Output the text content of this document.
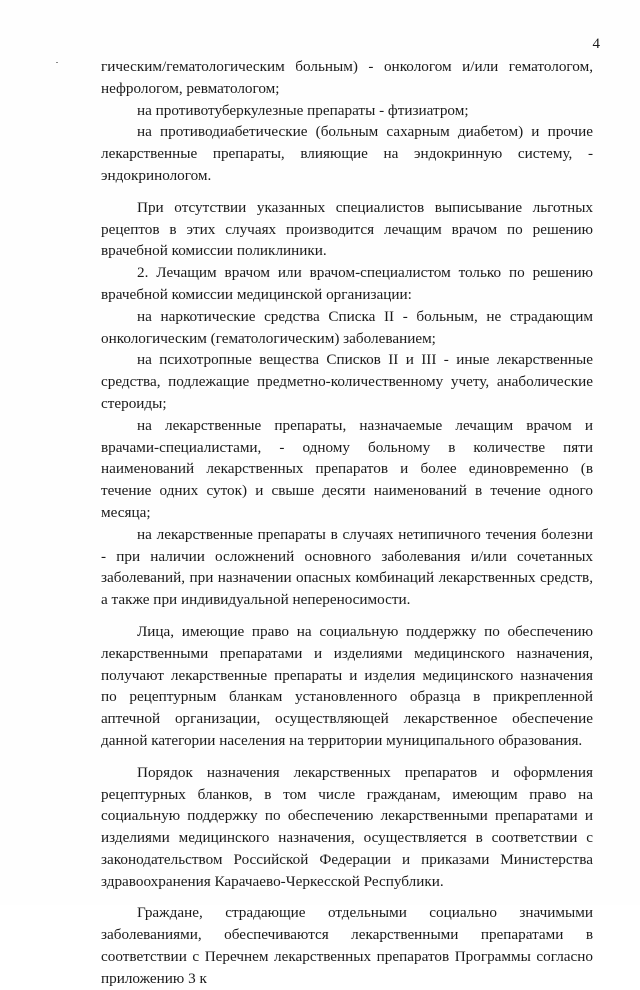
4

гическим/гематологическим больным) - онкологом и/или гематологом, нефрологом, ревматологом;

на противотуберкулезные препараты - фтизиатром;

на противодиабетические (больным сахарным диабетом) и прочие лекарственные препараты, влияющие на эндокринную систему, - эндокринологом.

При отсутствии указанных специалистов выписывание льготных рецептов в этих случаях производится лечащим врачом по решению врачебной комиссии поликлиники.

2. Лечащим врачом или врачом-специалистом только по решению врачебной комиссии медицинской организации:

на наркотические средства Списка II - больным, не страдающим онкологическим (гематологическим) заболеванием;

на психотропные вещества Списков II и III - иные лекарственные средства, подлежащие предметно-количественному учету, анаболические стероиды;

на лекарственные препараты, назначаемые лечащим врачом и врачами-специалистами, - одному больному в количестве пяти наименований лекарственных препаратов и более единовременно (в течение одних суток) и свыше десяти наименований в течение одного месяца;

на лекарственные препараты в случаях нетипичного течения болезни - при наличии осложнений основного заболевания и/или сочетанных заболеваний, при назначении опасных комбинаций лекарственных средств, а также при индивидуальной непереносимости.

Лица, имеющие право на социальную поддержку по обеспечению лекарственными препаратами и изделиями медицинского назначения, получают лекарственные препараты и изделия медицинского назначения по рецептурным бланкам установленного образца в прикрепленной аптечной организации, осуществляющей лекарственное обеспечение данной категории населения на территории муниципального образования.

Порядок назначения лекарственных препаратов и оформления рецептурных бланков, в том числе гражданам, имеющим право на социальную поддержку по обеспечению лекарственными препаратами и изделиями медицинского назначения, осуществляется в соответствии с законодательством Российской Федерации и приказами Министерства здравоохранения Карачаево-Черкесской Республики.

Граждане, страдающие отдельными социально значимыми заболеваниями, обеспечиваются лекарственными препаратами в соответствии с Перечнем лекарственных препаратов Программы согласно приложению 3 к
